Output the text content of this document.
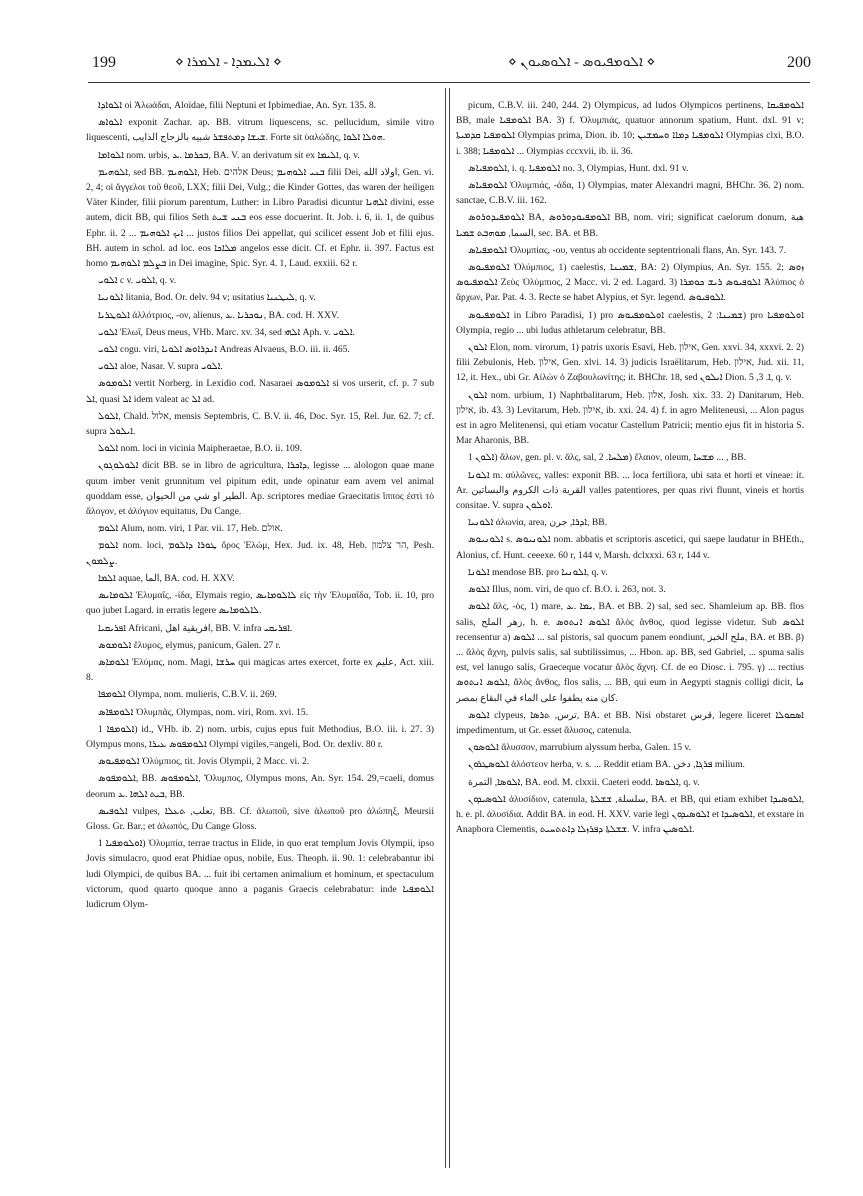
199	⋄ ܐܠܝܡܕܐ - ܐܠܡܪܐ ⋄	⋄ ܐܠܘܡܦܝܘܣ - ܐܠܘܣܝܘܢ ⋄	200

ܐܠܘܐܕܐ οἱ Ἀλωάδαι, Aloïdae, filii Neptuni et Ipbimediae, An. Syr. 135. 8.

ܐܠܘܐܣ exponit Zachar. ap. BB. vitrum liquescens, sc. pellucidum, simile vitro liquescenti, ܫܝܫܐ ܕܡܬܦܫܪ شبيه بالزجاج الذايب. Forte sit ὑαλώδης, ܗܘܠܐ ܐܠܘܐ.

ܐܠܘܐܡܐ nom. urbis, ܒܟܪܡܐ .ܥ, BA. V. an derivatum sit ex ܐܠܝܡܐ, q. v.

ܐܠܘܗܝܡ, sed BB. ܐܠܘܗܝܡ, Heb. אלהים Deus; ܒܢܝ ܐܠܘܗܝܡ filii Dei, اولاد الله, Gen. vi. 2, 4; οἱ ἄγγελοι τοῦ θεοῦ, LXX; filii Dei, Vulg.; die Kinder Gottes, das waren der heiligen Väter Kinder, filii piorum parentum, Luther: in Libro Paradisi dicuntur ܐܠܗܝܐ divini, esse autem, dicit BB, qui filios Seth ܒܢܝ ܫܝܬ eos esse docuerint. It. Job. i. 6, ii. 1, de quibus Ephr. ii. 2 ... ܐܝܟ ܐܠܘܗܝܡ ... justos filios Dei appellat, qui scilicet essent Job et filii ejus. BH. autem in schol. ad loc. eos ܡܠܐܟܐ angelos esse dicit. Cf. et Ephr. ii. 397. Factus est homo ܒܨܠܡ ܐܠܘܗܝܡ in Dei imagine, Spic. Syr. 4. 1, Laud. exxiii. 62 r.

ܐܠܘܝ c v. ܐܠܘܝ, q. v.

ܐܠܘܢܝܐ litania, Bod. Or. delv. 94 v; usitatius ܠܝܛܢܝܐ, q. v.

ܐܠܘܛܪܝܐ ἀλλότριος, -ον, alienus, ܢܘܟܪܝܐ .ܥ, BA. cod. H. XXV.

ܐܠܘܝ Ἐλωΐ, Deus meus, VHb. Marc. xv. 34, sed ܐܠܗܝ Aph. v. ܐܠܘܝ.

ܐܠܘܝ cogu. viri, ܐܢܕܪܐܘܣ ܐܠܘܝܐ Andreas Alvaeus, B.O. iii. ii. 465.

ܐܠܘܝ aloe, Nasar. V. supra ܐܠܘܝ.

ܐܠܘܡܘܣ vertit Norberg. in Lexidio cod. Nasaraei ܐܠܘܡܘܣ si vos urserit, cf. p. 7 sub ܐܠ, quasi ܐܠ idem valeat ac ܐܠ ad.

ܐܠܘܠ, Chald. אלול, mensis Septembris, C. B.V. ii. 46, Doc. Syr. 15, Rel. Jur. 62. 7; cf. supra ܐܝܠܘܠ.

ܐܠܘܠ nom. loci in vicinia Maipheraetae, B.O. ii. 109.

ܐܠܘܠܘܓܘܢ dicit BB. se in libro de agricultura, ܕܐܟܪܐ, legisse ... alologon quae mane quum imber venit grunnitum vel pipitum edit, unde opinatur eam avem vel animal quoddam esse, الطير او شي من الحيوان. Ap. scriptores mediae Graecitatis ἵππος ἐστὶ τὸ ἄλογον, et ἀλόγιον equitatus, Du Cange.

ܐܠܘܡ Alum, nom. viri, 1 Par. vii. 17, Heb. אולם.

ܐܠܘܡ nom. loci, ܛܘܪܐ ܕܐܠܘܡ ὄρος Ἐλώμ, Hex. Jud. ix. 48, Heb. הר צלמון, Pesh. ܨܠܡܘܢ.

ܐܠܡܐ aquae, الما, BA. cod. H. XXV.

ܐܠܘܡܐܝܣ Ἐλυμαΐς, -ίδα, Elymais regio, ܠܐܠܘܡܐܝܣ εἰς τὴν Ἐλυμαΐδα, Tob. ii. 10, pro quo jubet Lagard. in erratis legere ܠܐܠܘܡܐܝܣ.

ܐܦܪܝܩܝܐ Africani, افريقية اهل, BB. V. infra ܐܦܪܝܩܝ.

ܐܠܘܡܘܣ ἔλυμος, elymus, panicum, Galen. 27 r.

ܐܠܘܡܐܣ Ἐλύμας, nom. Magi, ܚܪܫܐ qui magicas artes exercet, forte ex عليم, Act. xiii. 8.

ܐܠܘܡܦܐ Olympa, nom. mulieris, C.B.V. ii. 269.

ܐܠܘܡܦܐܣ Ὀλυμπᾶς, Olympas, nom. viri, Rom. xvi. 15.

ܐܠܘܡܦܐ 1) id., VHb. ib. 2) nom. urbis, cujus epus fuit Methodius, B.O. iii. i. 27. 3) Olympus mons, ܐܠܘܡܦܘܣ ܥܝܪܐ Olympi vigiles,=angeli, Bod. Or. dexliv. 80 r.

ܐܠܘܡܦܝܘܣ Ὀλύμπιος, tit. Jovis Olympii, 2 Macc. vi. 2.

ܐܠܘܡܦܘܣ, BB. ܐܠܘܡܦܘܣ, Ὄλυμπος, Olympus mons, An. Syr. 154. 29,=caeli, domus deorum ܒܝܬ ܐܠܗܐ .ܥ, BB.

ܐܠܘܦܝܣ vulpes, تعلب, ܬܥܠܐ, BB. Cf. ἀλωποῦ, sive ἀλωποῦ pro ἀλώπηξ, Meursii Gloss. Gr. Bar.; et ἀλωπός, Du Cange Gloss.

ܐܘܠܘܡܦܝܐ 1) Ὀλυμπία, terrae tractus in Elide, in quo erat templum Jovis Olympii, ipso Jovis simulacro, quod erat Phidiae opus, nobile, Eus. Theoph. ii. 90. 1: celebrabantur ibi ludi Olympici, de quibus BA. ... fuit ibi certamen animalium et hominum, et spectaculum victorum, quod quarto quoque anno a paganis Graecis celebrabatur: inde ܐܠܘܡܦܝܐ ludicrum Olym-

picum, C.B.V. iii. 240, 244. 2) Olympicus, ad ludos Olympicos pertinens, ܐܠܘܡܦܝܩܐ BB, male ܐܠܘܡܦܝܐ BA. 3) f. Ὀλυμπιάς, quatuor annorum spatium, Hunt. dxl. 91 v; ܐܠܘܡܦܝܐ ܩܕܡܝܬܐ Olympias prima, Dion. ib. 10; ܐܠܘܡܦܝܐ ܕܡܐܐ ܘܚܡܫܝܢ Olympias clxi, B.O. i. 388; ܐܠܘܡܦܝܐ ... Olympias cccxvii, ib. ii. 36.

ܐܠܘܡܦܝܐܣ, i. q. ܐܠܘܡܦܝܐ no. 3, Olympias, Hunt. dxl. 91 v.

ܐܠܘܡܦܝܐܣ Ὀλυμπιάς, -άδα, 1) Olympias, mater Alexandri magni, BHChr. 36. 2) nom. sanctae, C.B.V. iii. 162.

ܐܠܘܡܦܝܕܘܪܘܣ BA, ܐܠܘܡܦܝܘܕܘܪܘܣ BB, nom. viri; significat caelorum donum, هبة السما, ܡܘܗܒܬ ܫܡܝܐ, sec. BA. et BB.

ܐܠܘܡܦܝܐܣ Ὀλυμπίας, -ου, ventus ab occidente septentrionali flans, An. Syr. 143. 7.

ܐܠܘܡܦܝܘܣ Ὀλύμπιος, 1) caelestis, ܫܡܝܢܐ, BA: 2) Olympius, An. Syr. 155. 2; ܙܘܣ ܐܠܘܡܦܝܘܣ Ζεὺς Ὀλύμπιος, 2 Macc. vi. 2 ed. Lagard. 3) ܐܠܘܦܝܘܣ ܪܝܫ ܟܘܡܪܐ Ἀλύπιος ὁ ἄρχων, Par. Pat. 4. 3. Recte se habet Alypius, et Syr. legend. ܐܠܘܦܝܘܣ.

ܐܠܘܡܦܝܘܣ in Libro Paradisi, 1) pro ܐܘܠܘܡܦܝܘܣ caelestis, ܫܡܝܢܐ: 2) pro ܐܘܠܘܡܦܝܐ Olympia, regio ... ubi ludus athletarum celebratur, BB.

ܐܠܘܢ Elon, nom. virorum, 1) patris uxoris Esavi, Heb. אילון, Gen. xxvi. 34, xxxvi. 2. 2) filii Zebulonis, Heb. אילון, Gen. xlvi. 14. 3) judicis Israëlitarum, Heb. אילון, Jud. xii. 11, 12, it. Hex., ubi Gr. Αἰλὼν ὁ Ζαβουλωνίτης; it. BHChr. 18, sed ܐܝܠܘܢ Dion. ܐ. 3, 5, q. v.

ܐܠܘܢ nom. urbium, 1) Naphtbalitarum, Heb. אלון, Josh. xix. 33. 2) Danitarum, Heb. אילון, ib. 43. 3) Levitarum, Heb. אילון, ib. xxi. 24. 4) f. in agro Meliteneusi, ... Alon pagus est in agro Melitenensi, qui etiam vocatur Castellum Patricii; mentio ejus fit in historia S. Mar Aharonis, BB.

ܐܠܘܢ 1) ἄλων, gen. pl. v. ἅλς, sal, ܡܠܚܐ. 2) ἔλαιον, oleum, ܡܫܚܐ ... , BB.

ܐܠܘܢܐ m. αὐλῶνες, valles: exponit BB. ... loca fertiliora, ubi sata et horti et vineae: it. Ar. القرية ذات الكروم والبساتين valles patentiores, per quas rivi fluunt, vineis et hortis consitae. V. supra ܐܘܠܘܢ.

ܐܠܘܢܝܐ ἀλωνία, area, ܐܕܪܐ, جرن, BB.

ܐܠܘܢܝܘܣ s. ܐܠܘܢܝܘܣ nom. abbatis et scriptoris ascetici, qui saepe laudatur in BHEth., Alonius, cf. Hunt. ceeexe. 60 r, 144 v, Marsh. dclxxxi. 63 r, 144 v.

ܐܠܘܢܐ mendose BB. pro ܐܠܘܢܝܐ, q. v.

ܐܠܘܣ Illus, nom. viri, de quo cf. B.O. i. 263, not. 3.

ܐܠܘܣ ἅλς, -ὸς, 1) mare, ܝܡܐ .ܥ, BA. et BB. 2) sal, sed sec. Shamleium ap. BB. flos salis, زهر الملح, h. e. ܐܠܘܣ ܐܢܬܘܣ ἅλὸς ἄνθος, quod legisse videtur. Sub ܐܠܘܣ recensentur a) ܐܠܘܣ ... sal pistoris, sal quocum panem eondiunt, ملح الخبز, BA. et BB. β) ... ἄλὸς ἄχνη, pulvis salis, sal subtilissimus, ... Hbon. ap. BB, sed Gabriel, ... spuma salis est, vel lanugo salis, Graeceque vocatur ἄλὸς ἄχνη. Cf. de eo Diosc. i. 795. γ) ... rectius ܐܠܘܣ ܐܢܬܘܣ, ἄλὸς ἄνθος, flos salis, ... BB, qui eum in Aegypti stagnis colligi dicit, ما كان منه يطفوا على الماء في البقاع بمصر.

ܐܠܘܣ clypeus, ترس, ܬܪܣܐ, BA. et BB. Nisi obstaret قرس, legere liceret ܐܣܩܘܠܐ impedimentum, ut Gr. esset ἄλυσος, catenula.

ܐܠܘܣܘܢ ἄλυσσον, marrubium alyssum herba, Galen. 15 v.

ܐܠܘܣܛܪܘܢ ἀλόστεον herba, v. s. ... Reddit etiam BA. ܦܪܓܐ, دخن milium.

ܐܠܘܣܐ, التمرة, BA. eod. M. clxxii. Caeteri eodd. ܐܠܘܣܐ, q. v.

ܐܠܘܣܝܕܘܢ ἀλυσίδιον, catenula, سلسلة, ܫܫܠܬܐ, BA. et BB, qui etiam exhibet ܐܠܘܣܝܕܐ, h. e. pl. ἀλυσίδια. Addit BA. in eod. H. XXV. varie legi ܐܠܘܣܝܕܘܢ et ܐܠܘܣܝܕܐ, et exstare in Anapbora Clementis, ܫܫܠܬܐ ܕܦܪܙܠܐ ܕܐܬܬܚܝܬ. V. infra ܐܠܘܣܝܢ.
